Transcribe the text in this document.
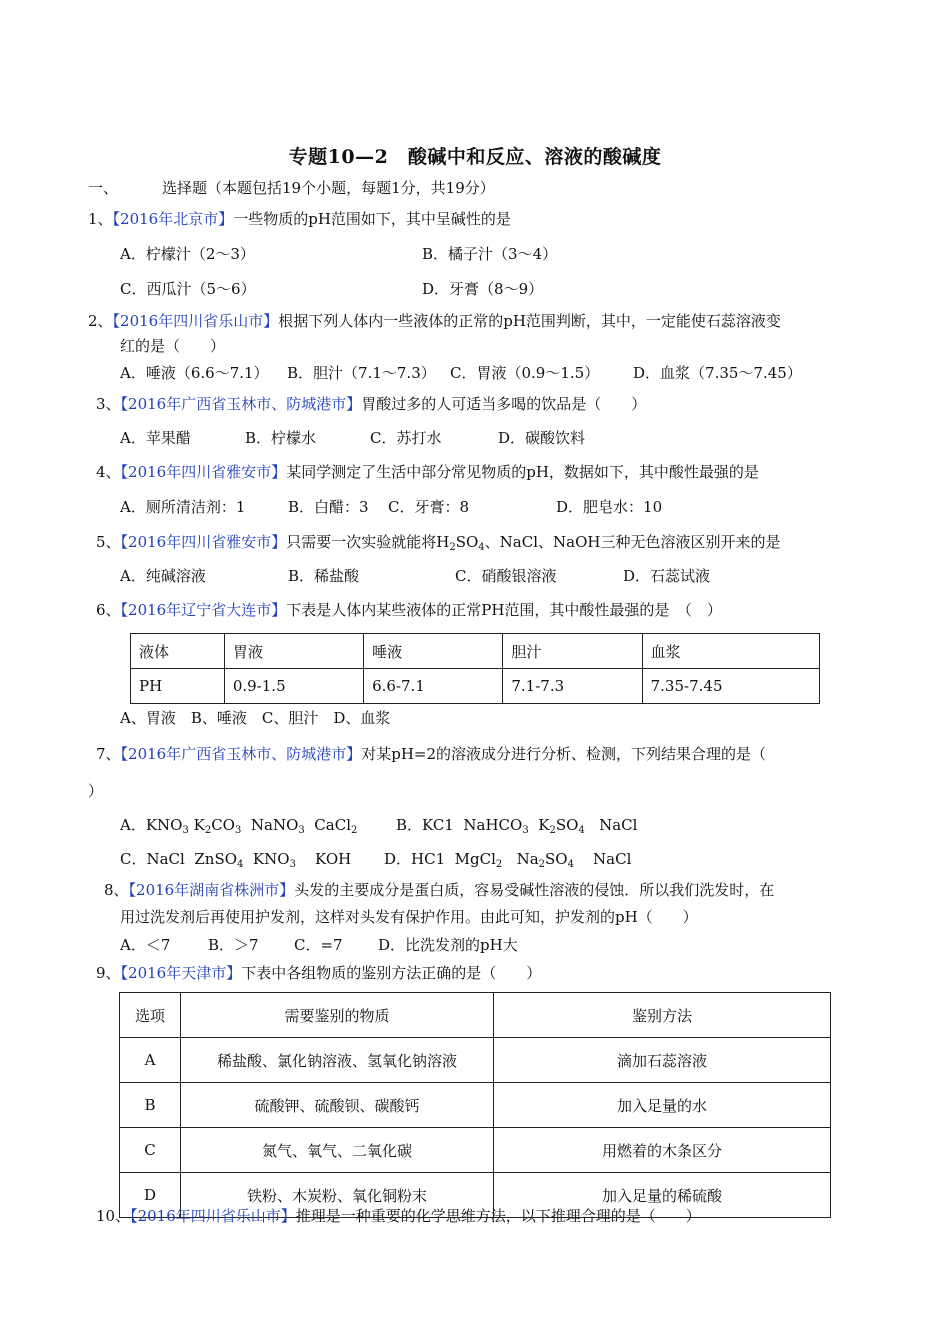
专题10—2　酸碱中和反应、溶液的酸碱度
一、	选择题（本题包括19个小题，每题1分，共19分）
1、【2016年北京市】一些物质的pH范围如下，其中呈碱性的是
A．柠檬汁（2～3）	B．橘子汁（3～4）
C．西瓜汁（5～6）	D．牙膏（8～9）
2、【2016年四川省乐山市】根据下列人体内一些液体的正常的pH范围判断，其中，一定能使石蕊溶液变
红的是（　　）
A．唾液（6.6～7.1） B．胆汁（7.1～7.3） C．胃液（0.9～1.5） D．血浆（7.35～7.45）
3、【2016年广西省玉林市、防城港市】胃酸过多的人可适当多喝的饮品是（　　）
A．苹果醋	B．柠檬水	C．苏打水	D．碳酸饮料
4、【2016年四川省雅安市】某同学测定了生活中部分常见物质的pH，数据如下，其中酸性最强的是
A．厕所清洁剂：1	B．白醋：3 C．牙膏：8	D．肥皂水：10
5、【2016年四川省雅安市】只需要一次实验就能将$H_2SO_4$、NaCl、NaOH三种无色溶液区别开来的是
A．纯碱溶液	B．稀盐酸	C．硝酸银溶液	D．石蕊试液
6、【2016年辽宁省大连市】下表是人体内某些液体的正常PH范围，其中酸性最强的是　（　）
液体	胃液	唾液	胆汁	血浆
PH	0.9-1.5	6.6-7.1	7.1-7.3	7.35-7.45
A、胃液　B、唾液　C、胆汁　D、血浆
7、【2016年广西省玉林市、防城港市】对某pH=2的溶液成分进行分析、检测，下列结果合理的是（
）
A．$KNO_3$ $K_2CO_3$  NaNO$_3$  CaCl$_2$	B．KC1  NaHCO$_3$  $K_2SO_4$   NaCl
C．NaCl  ZnSO$_4$  $KNO_3$    KOH D．HC1  MgCl$_2$   $Na_2SO_4$    NaCl
8、【2016年湖南省株洲市】头发的主要成分是蛋白质，容易受碱性溶液的侵蚀．所以我们洗发时，在
用过洗发剂后再使用护发剂，这样对头发有保护作用。由此可知，护发剂的pH（　　）
A．＜7	B．＞7 C．=7 D．比洗发剂的pH大
9、【2016年天津市】下表中各组物质的鉴别方法正确的是（　　）
选项	需要鉴别的物质	鉴别方法
A	稀盐酸、氯化钠溶液、氢氧化钠溶液	滴加石蕊溶液
B	硫酸钾、硫酸钡、碳酸钙	加入足量的水
C	氮气、氧气、二氧化碳	用燃着的木条区分
D	铁粉、木炭粉、氧化铜粉末	加入足量的稀硫酸
10、【2016年四川省乐山市】推理是一种重要的化学思维方法，以下推理合理的是（　　）
